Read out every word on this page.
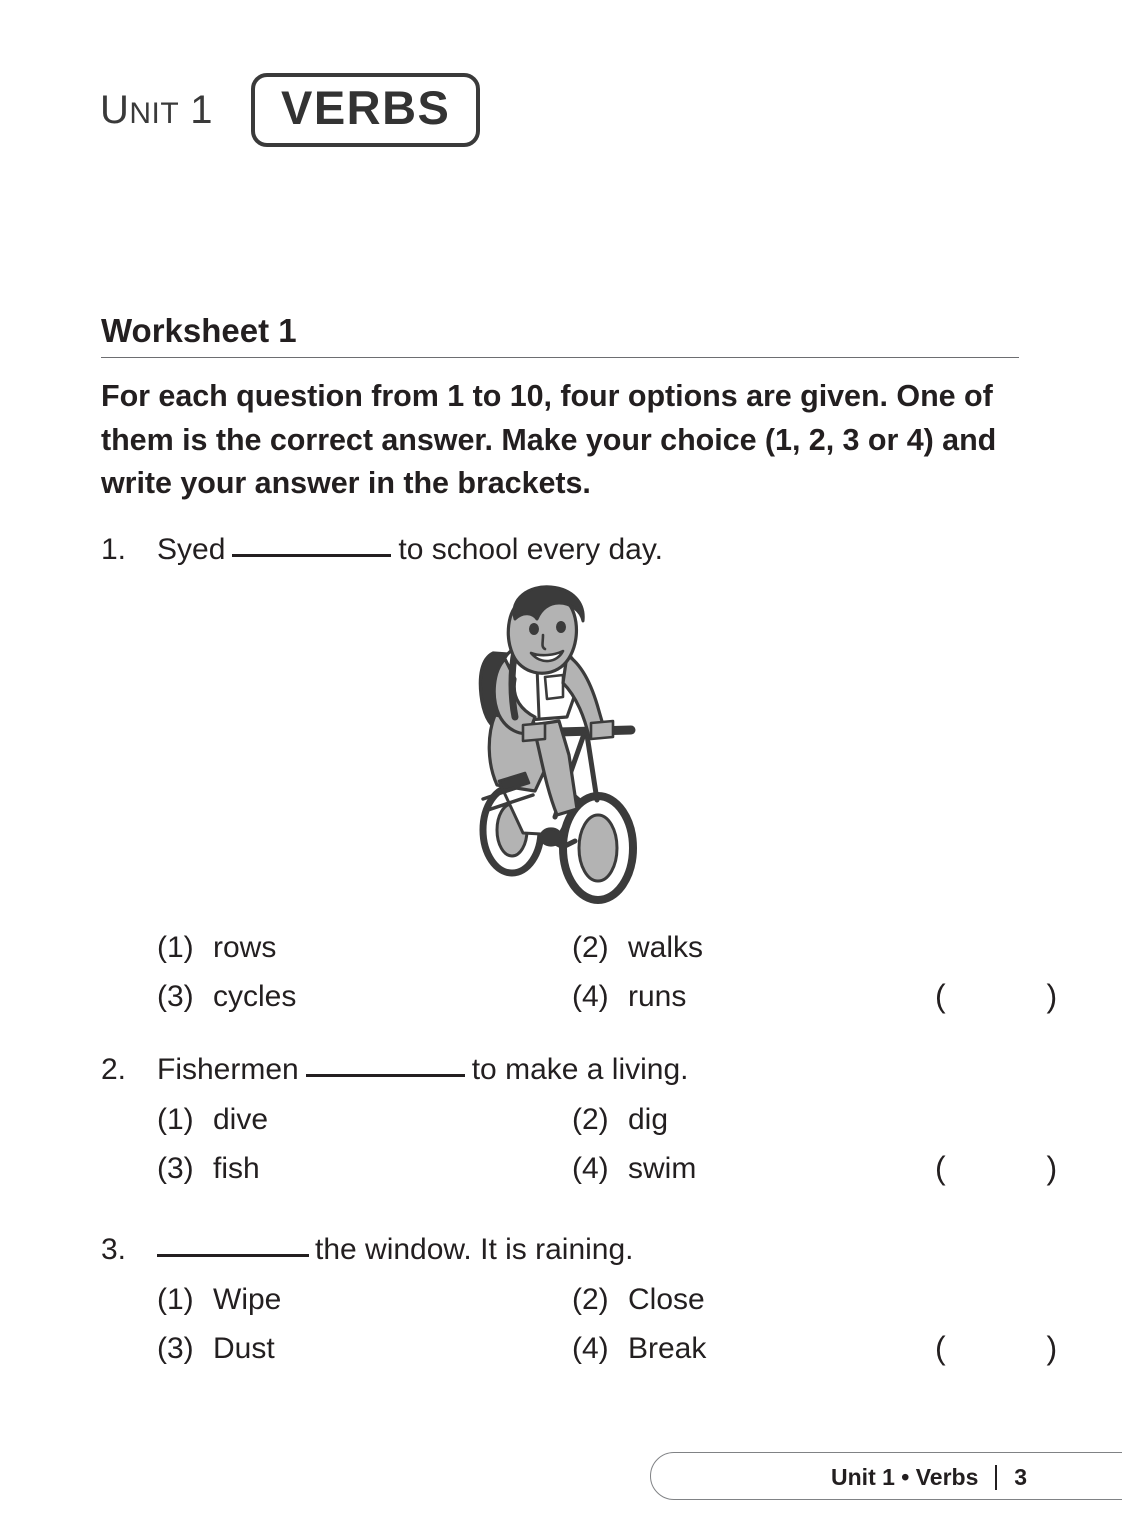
U NIT 1 VERBS
Worksheet 1
For each question from 1 to 10, four options are given. One of them is the correct answer. Make your choice (1, 2, 3 or 4) and write your answer in the brackets.
1.	Syed	to school every day.
(1) rows	(2) walks
(3) cycles	(4) runs	( )
2.	Fishermen	to make a living.
(1) dive	(2) dig
(3) fish	(4) swim	( )
3.	the window. It is raining.
(1) Wipe	(2) Close
(3) Dust	(4) Break	( )
Unit 1 • Verbs 3
